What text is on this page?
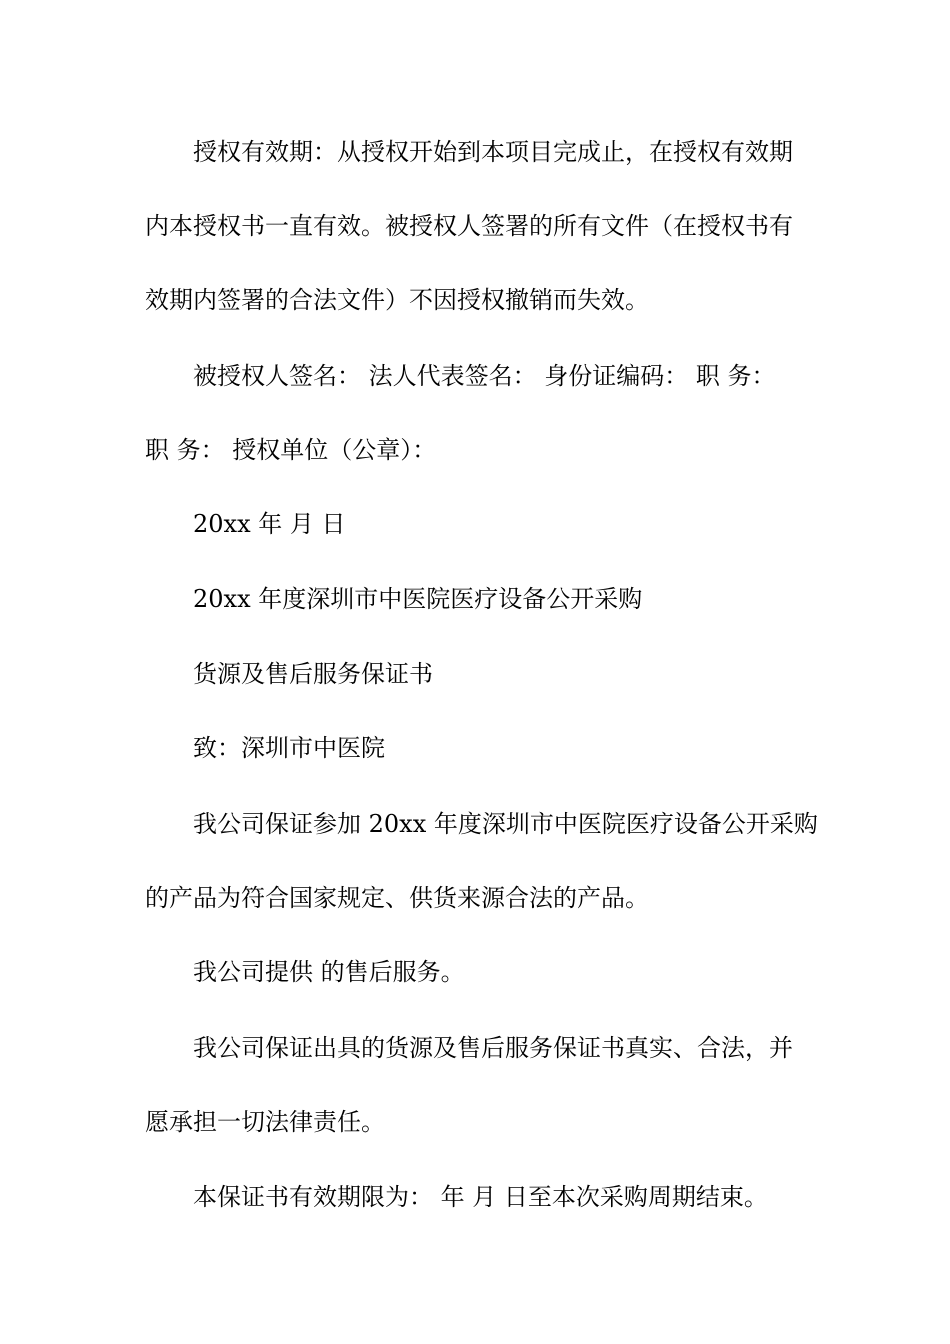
授权有效期：从授权开始到本项目完成止，在授权有效期
内本授权书一直有效。被授权人签署的所有文件（在授权书有
效期内签署的合法文件）不因授权撤销而失效。
被授权人签名： 法人代表签名： 身份证编码： 职 务：
职 务： 授权单位（公章）：
20xx 年 月 日
20xx 年度深圳市中医院医疗设备公开采购
货源及售后服务保证书
致：深圳市中医院
我公司保证参加 20xx 年度深圳市中医院医疗设备公开采购
的产品为符合国家规定、供货来源合法的产品。
我公司提供 的售后服务。
我公司保证出具的货源及售后服务保证书真实、合法，并
愿承担一切法律责任。
本保证书有效期限为： 年 月 日至本次采购周期结束。
